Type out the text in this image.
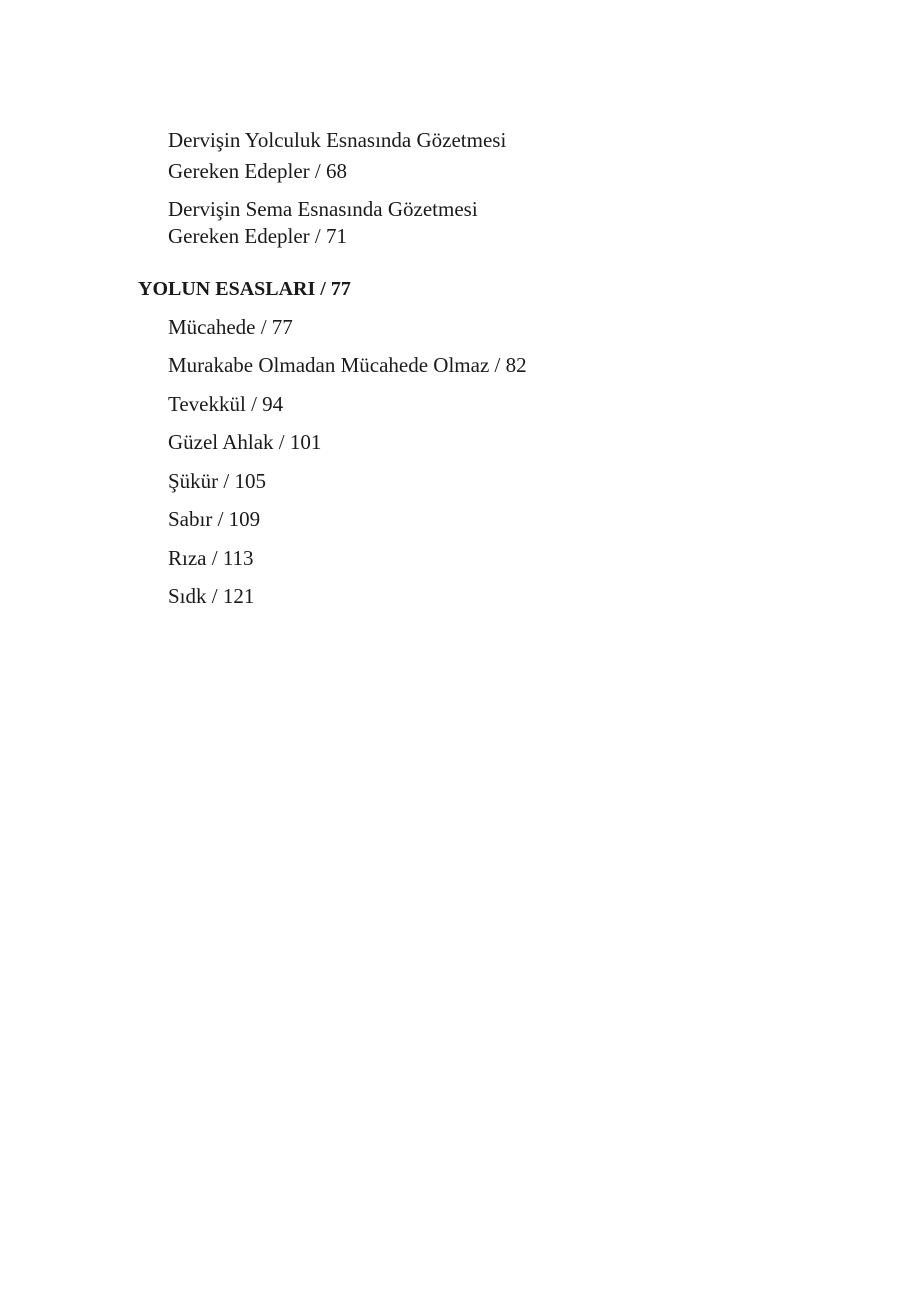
Dervişin Yolculuk Esnasında Gözetmesi
Gereken Edepler / 68

Dervişin Sema Esnasında Gözetmesi
Gereken Edepler / 71

YOLUN ESASLARI / 77

Mücahede / 77

Murakabe Olmadan Mücahede Olmaz / 82

Tevekkül / 94

Güzel Ahlak / 101

Şükür / 105

Sabır / 109

Rıza / 113

Sıdk / 121
